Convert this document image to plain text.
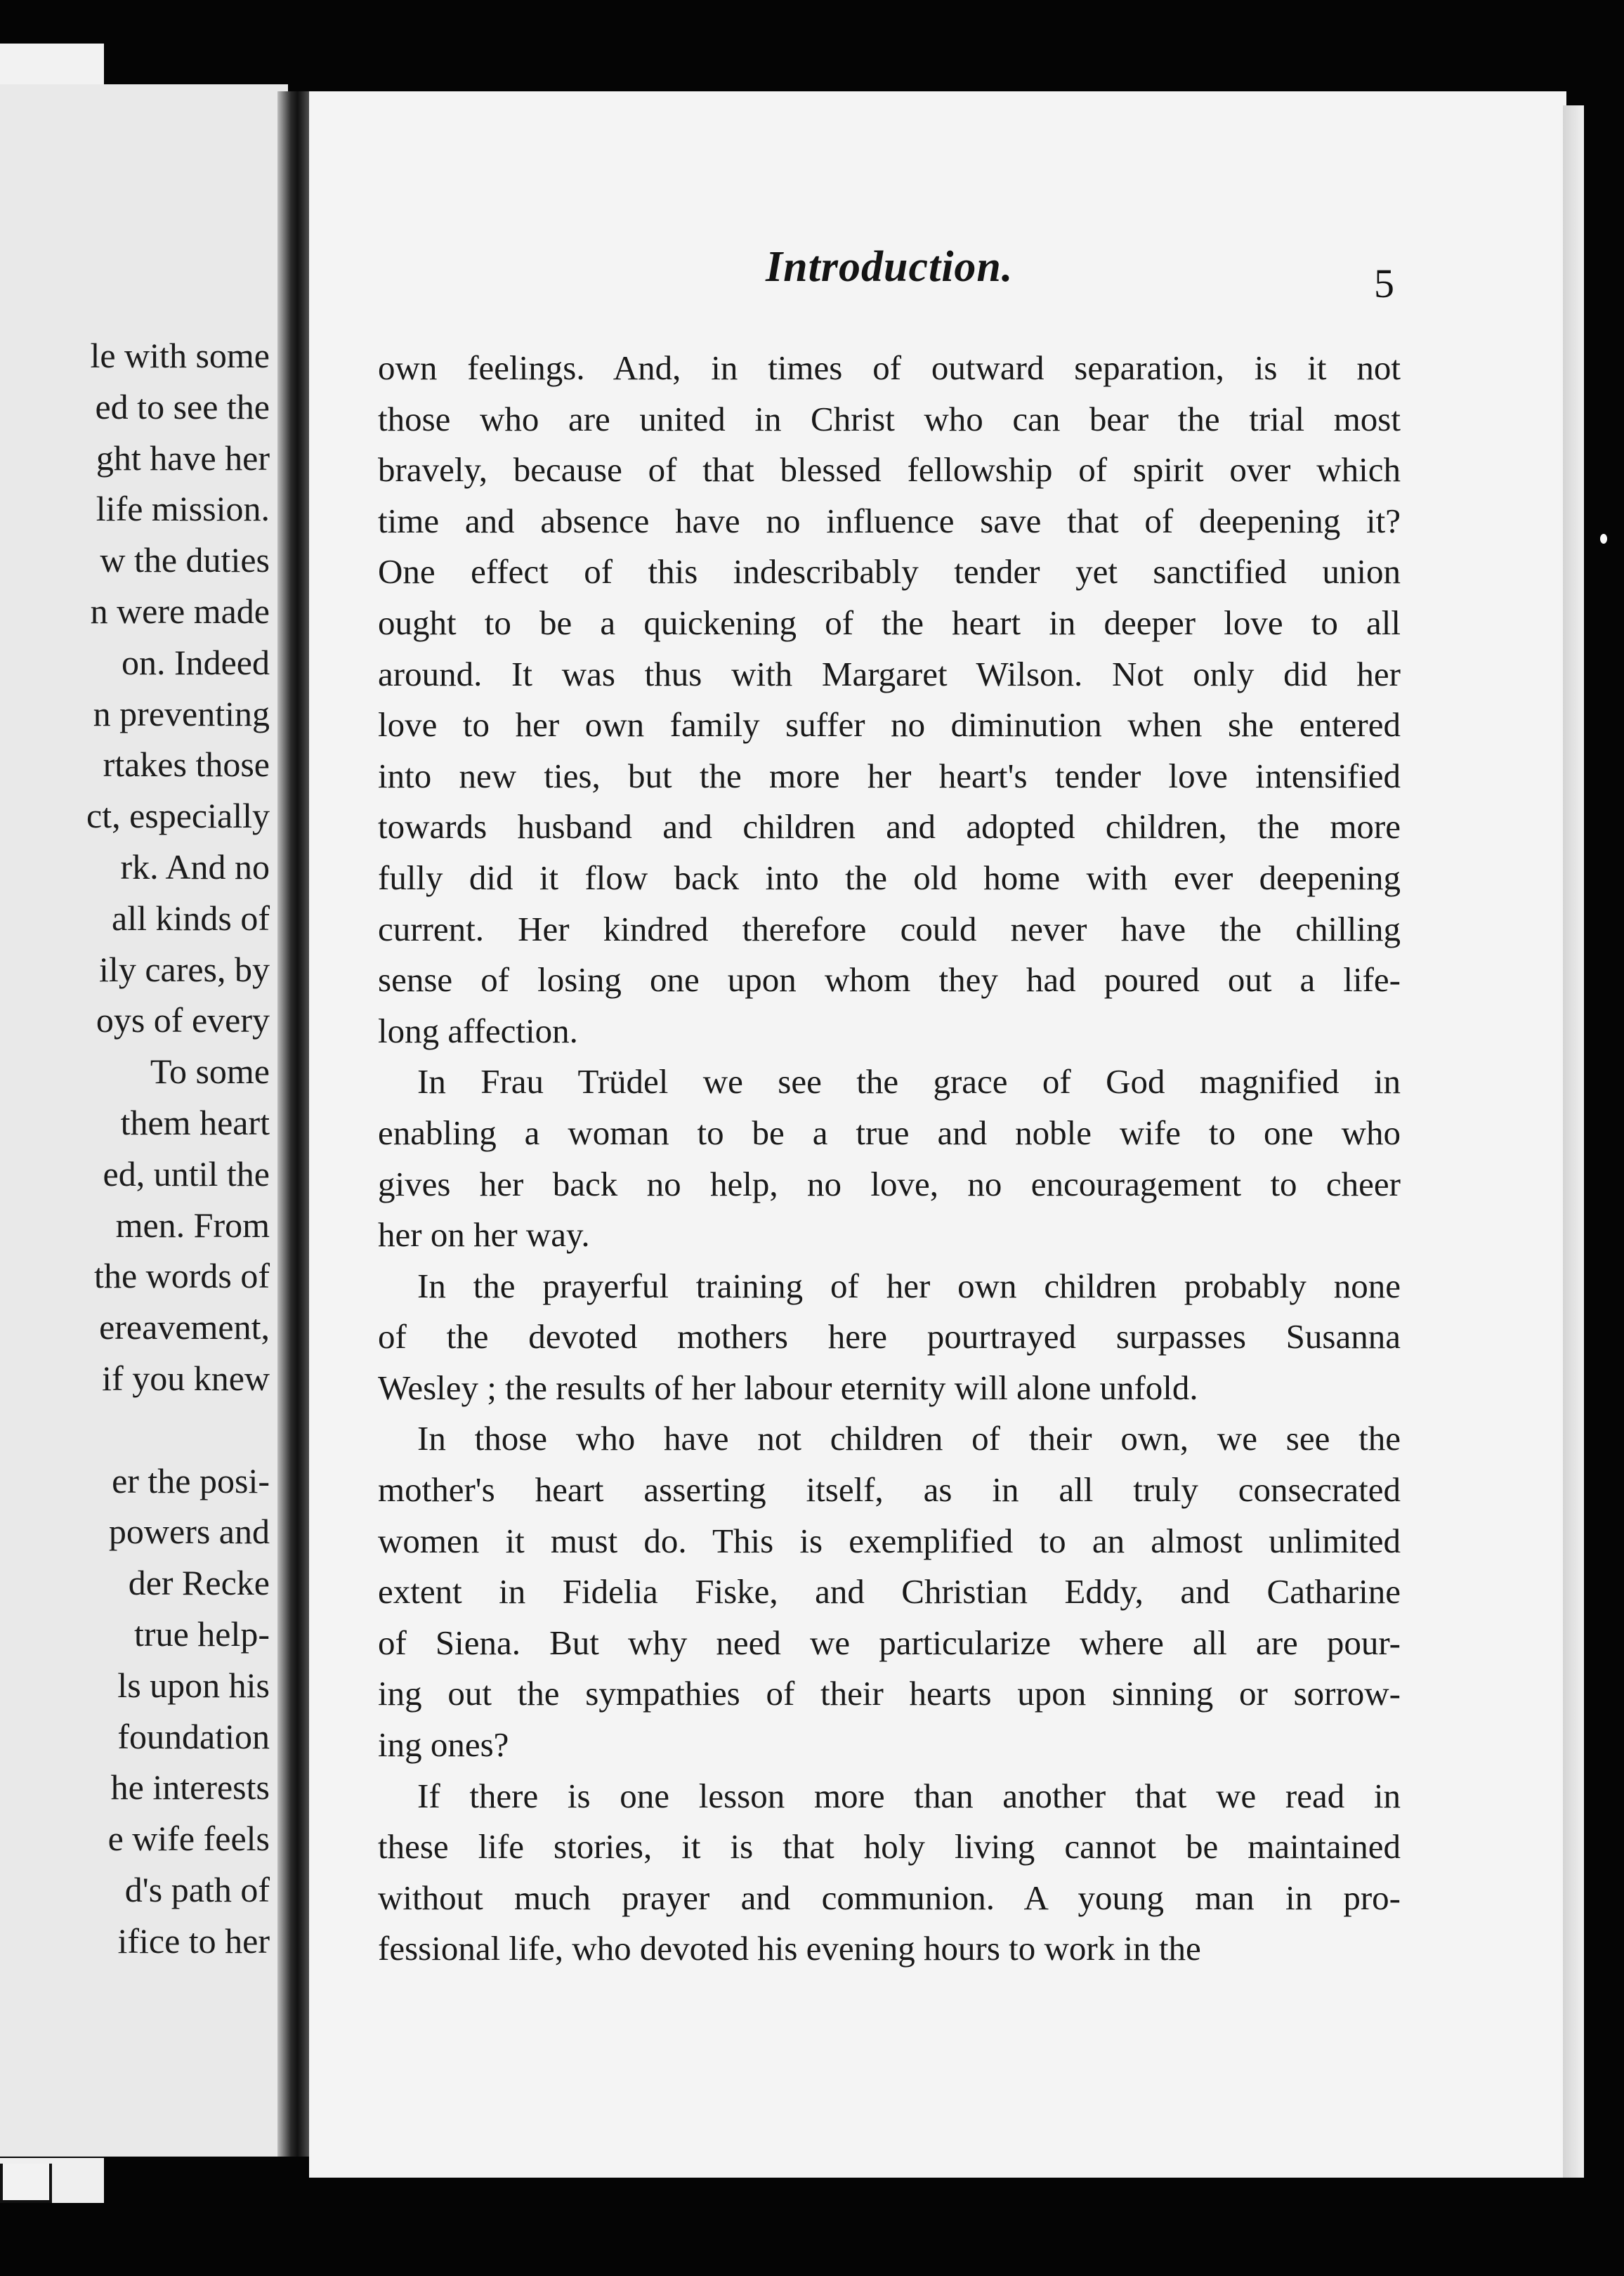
le with some
ed to see the
ght have her
life mission.
w the duties
n were made
on. Indeed
n preventing
rtakes those
ct, especially
rk. And no
all kinds of
ily cares, by
oys of every
To some
them heart
ed, until the
men. From
the words of
ereavement,
if you knew
er the posi-
powers and
der Recke
true help-
ls upon his
foundation
he interests
e wife feels
d's path of
ifice to her
Introduction.	5
own feelings. And, in times of outward separation, is it not
those who are united in Christ who can bear the trial most
bravely, because of that blessed fellowship of spirit over which
time and absence have no influence save that of deepening it?
One effect of this indescribably tender yet sanctified union
ought to be a quickening of the heart in deeper love to all
around. It was thus with Margaret Wilson. Not only did her
love to her own family suffer no diminution when she entered
into new ties, but the more her heart's tender love intensified
towards husband and children and adopted children, the more
fully did it flow back into the old home with ever deepening
current. Her kindred therefore could never have the chilling
sense of losing one upon whom they had poured out a life-
long affection.
In Frau Trüdel we see the grace of God magnified in
enabling a woman to be a true and noble wife to one who
gives her back no help, no love, no encouragement to cheer
her on her way.
In the prayerful training of her own children probably none
of the devoted mothers here pourtrayed surpasses Susanna
Wesley ; the results of her labour eternity will alone unfold.
In those who have not children of their own, we see the
mother's heart asserting itself, as in all truly consecrated
women it must do. This is exemplified to an almost unlimited
extent in Fidelia Fiske, and Christian Eddy, and Catharine
of Siena. But why need we particularize where all are pour-
ing out the sympathies of their hearts upon sinning or sorrow-
ing ones?
If there is one lesson more than another that we read in
these life stories, it is that holy living cannot be maintained
without much prayer and communion. A young man in pro-
fessional life, who devoted his evening hours to work in the
